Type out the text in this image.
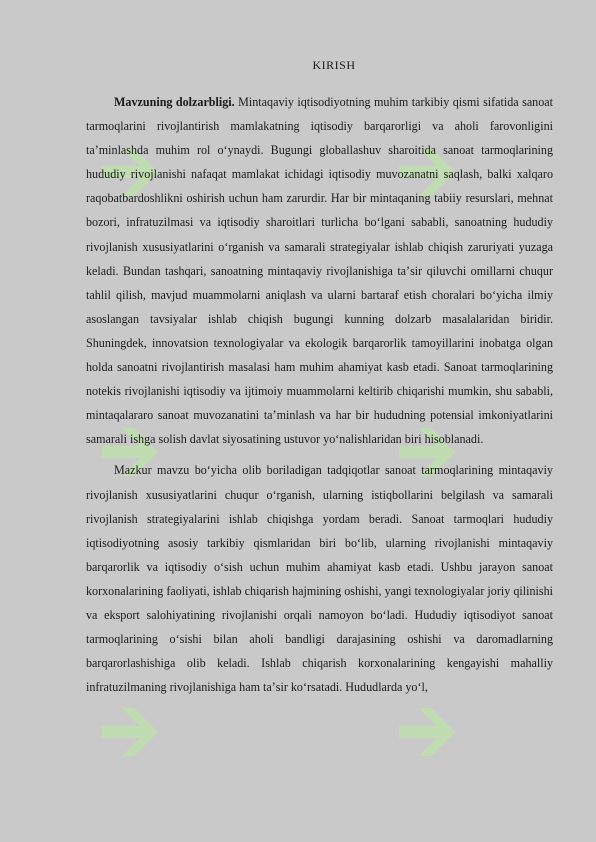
KIRISH

Mavzuning dolzarbligi. Mintaqaviy iqtisodiyotning muhim tarkibiy qismi sifatida sanoat tarmoqlarini rivojlantirish mamlakatning iqtisodiy barqarorligi va aholi farovonligini taʼminlashda muhim rol oʻynaydi. Bugungi globallashuv sharoitida sanoat tarmoqlarining hududiy rivojlanishi nafaqat mamlakat ichidagi iqtisodiy muvozanatni saqlash, balki xalqaro raqobatbardoshlikni oshirish uchun ham zarurdir. Har bir mintaqaning tabiiy resurslari, mehnat bozori, infratuzilmasi va iqtisodiy sharoitlari turlicha boʻlgani sababli, sanoatning hududiy rivojlanish xususiyatlarini oʻrganish va samarali strategiyalar ishlab chiqish zaruriyati yuzaga keladi. Bundan tashqari, sanoatning mintaqaviy rivojlanishiga taʼsir qiluvchi omillarni chuqur tahlil qilish, mavjud muammolarni aniqlash va ularni bartaraf etish choralari boʻyicha ilmiy asoslangan tavsiyalar ishlab chiqish bugungi kunning dolzarb masalalaridan biridir. Shuningdek, innovatsion texnologiyalar va ekologik barqarorlik tamoyillarini inobatga olgan holda sanoatni rivojlantirish masalasi ham muhim ahamiyat kasb etadi. Sanoat tarmoqlarining notekis rivojlanishi iqtisodiy va ijtimoiy muammolarni keltirib chiqarishi mumkin, shu sababli, mintaqalararo sanoat muvozanatini taʼminlash va har bir hududning potensial imkoniyatlarini samarali ishga solish davlat siyosatining ustuvor yoʻnalishlaridan biri hisoblanadi.

Mazkur mavzu boʻyicha olib boriladigan tadqiqotlar sanoat tarmoqlarining mintaqaviy rivojlanish xususiyatlarini chuqur oʻrganish, ularning istiqbollarini belgilash va samarali rivojlanish strategiyalarini ishlab chiqishga yordam beradi. Sanoat tarmoqlari hududiy iqtisodiyotning asosiy tarkibiy qismlaridan biri boʻlib, ularning rivojlanishi mintaqaviy barqarorlik va iqtisodiy oʻsish uchun muhim ahamiyat kasb etadi. Ushbu jarayon sanoat korxonalarining faoliyati, ishlab chiqarish hajmining oshishi, yangi texnologiyalar joriy qilinishi va eksport salohiyatining rivojlanishi orqali namoyon boʻladi. Hududiy iqtisodiyot sanoat tarmoqlarining oʻsishi bilan aholi bandligi darajasining oshishi va daromadlarning barqarorlashishiga olib keladi. Ishlab chiqarish korxonalarining kengayishi mahalliy infratuzilmaning rivojlanishiga ham taʼsir koʻrsatadi. Hududlarda yoʻl,
